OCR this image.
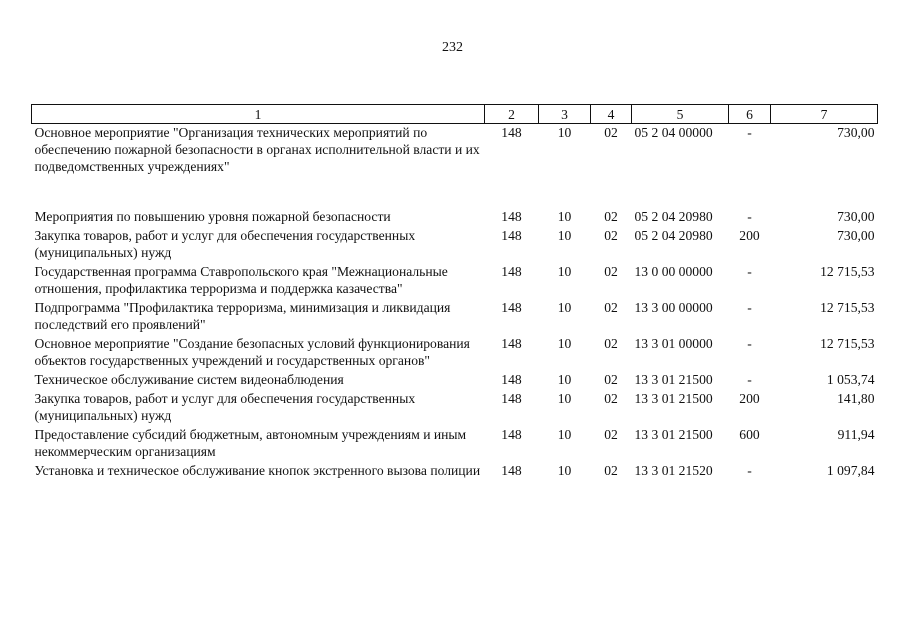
232
1	2	3	4	5	6	7
Основное мероприятие "Организация технических мероприятий по обеспечению пожарной безопасности в органах исполнительной власти и их подведомственных учреждениях"	148	10	02	05 2 04 00000	-	730,00

Мероприятия по повышению уровня пожарной безопасности	148	10	02	05 2 04 20980	-	730,00
Закупка товаров, работ и услуг для обеспечения государственных (муниципальных) нужд	148	10	02	05 2 04 20980	200	730,00
Государственная программа Ставропольского края "Межнациональные отношения, профилактика терроризма и поддержка казачества"	148	10	02	13 0 00 00000	-	12 715,53
Подпрограмма "Профилактика терроризма, минимизация и ликвидация последствий его проявлений"	148	10	02	13 3 00 00000	-	12 715,53
Основное мероприятие "Создание безопасных условий функционирования объектов государственных учреждений и государственных органов"	148	10	02	13 3 01 00000	-	12 715,53
Техническое обслуживание систем видеонаблюдения	148	10	02	13 3 01 21500	-	1 053,74
Закупка товаров, работ и услуг для обеспечения государственных (муниципальных) нужд	148	10	02	13 3 01 21500	200	141,80
Предоставление субсидий бюджетным, автономным учреждениям и иным некоммерческим организациям	148	10	02	13 3 01 21500	600	911,94
Установка и техническое обслуживание кнопок экстренного вызова полиции	148	10	02	13 3 01 21520	-	1 097,84
